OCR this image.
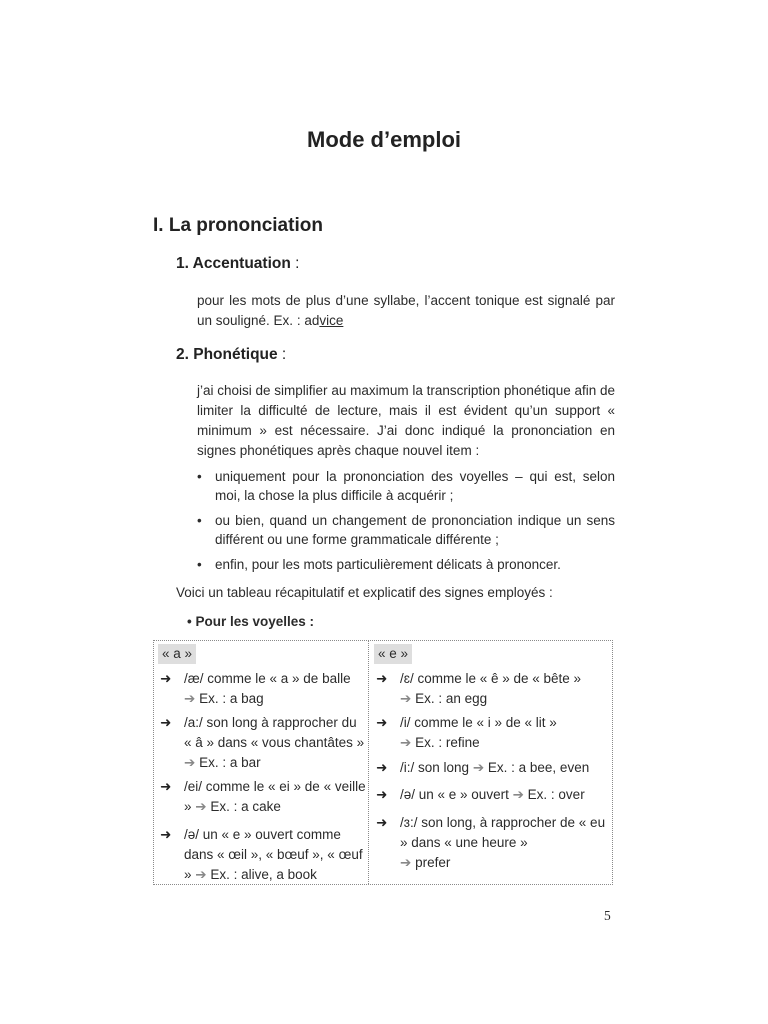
Mode d’emploi
I. La prononciation
1. Accentuation :
pour les mots de plus d’une syllabe, l’accent tonique est signalé par un souligné. Ex. : advice
2. Phonétique :
j’ai choisi de simplifier au maximum la transcription phonétique afin de limiter la difficulté de lecture, mais il est évident qu’un support « minimum » est nécessaire. J’ai donc indiqué la prononciation en signes phonétiques après chaque nouvel item :
• uniquement pour la prononciation des voyelles – qui est, selon moi, la chose la plus difficile à acquérir ;
• ou bien, quand un changement de prononciation indique un sens différent ou une forme grammaticale différente ;
• enfin, pour les mots particulièrement délicats à prononcer.
Voici un tableau récapitulatif et explicatif des signes employés :
• Pour les voyelles :
« a »
➜ /æ/ comme le « a » de balle
➔ Ex. : a bag
➜ /a:/ son long à rapprocher du « â » dans « vous chantâtes » ➔ Ex. : a bar
➜ /ei/ comme le « ei » de « veille » ➔ Ex. : a cake
➜ /ə/ un « e » ouvert comme dans « œil », « bœuf », « œuf » ➔ Ex. : alive, a book
« e »
➜ /ɛ/ comme le « ê » de « bête »
➔ Ex. : an egg
➜ /i/ comme le « i » de « lit »
➔ Ex. : refine
➜ /i:/ son long ➔ Ex. : a bee, even
➜ /ə/ un « e » ouvert ➔ Ex. : over
➜ /ɜ:/ son long, à rapprocher de « eu » dans « une heure »
➔ prefer
5
